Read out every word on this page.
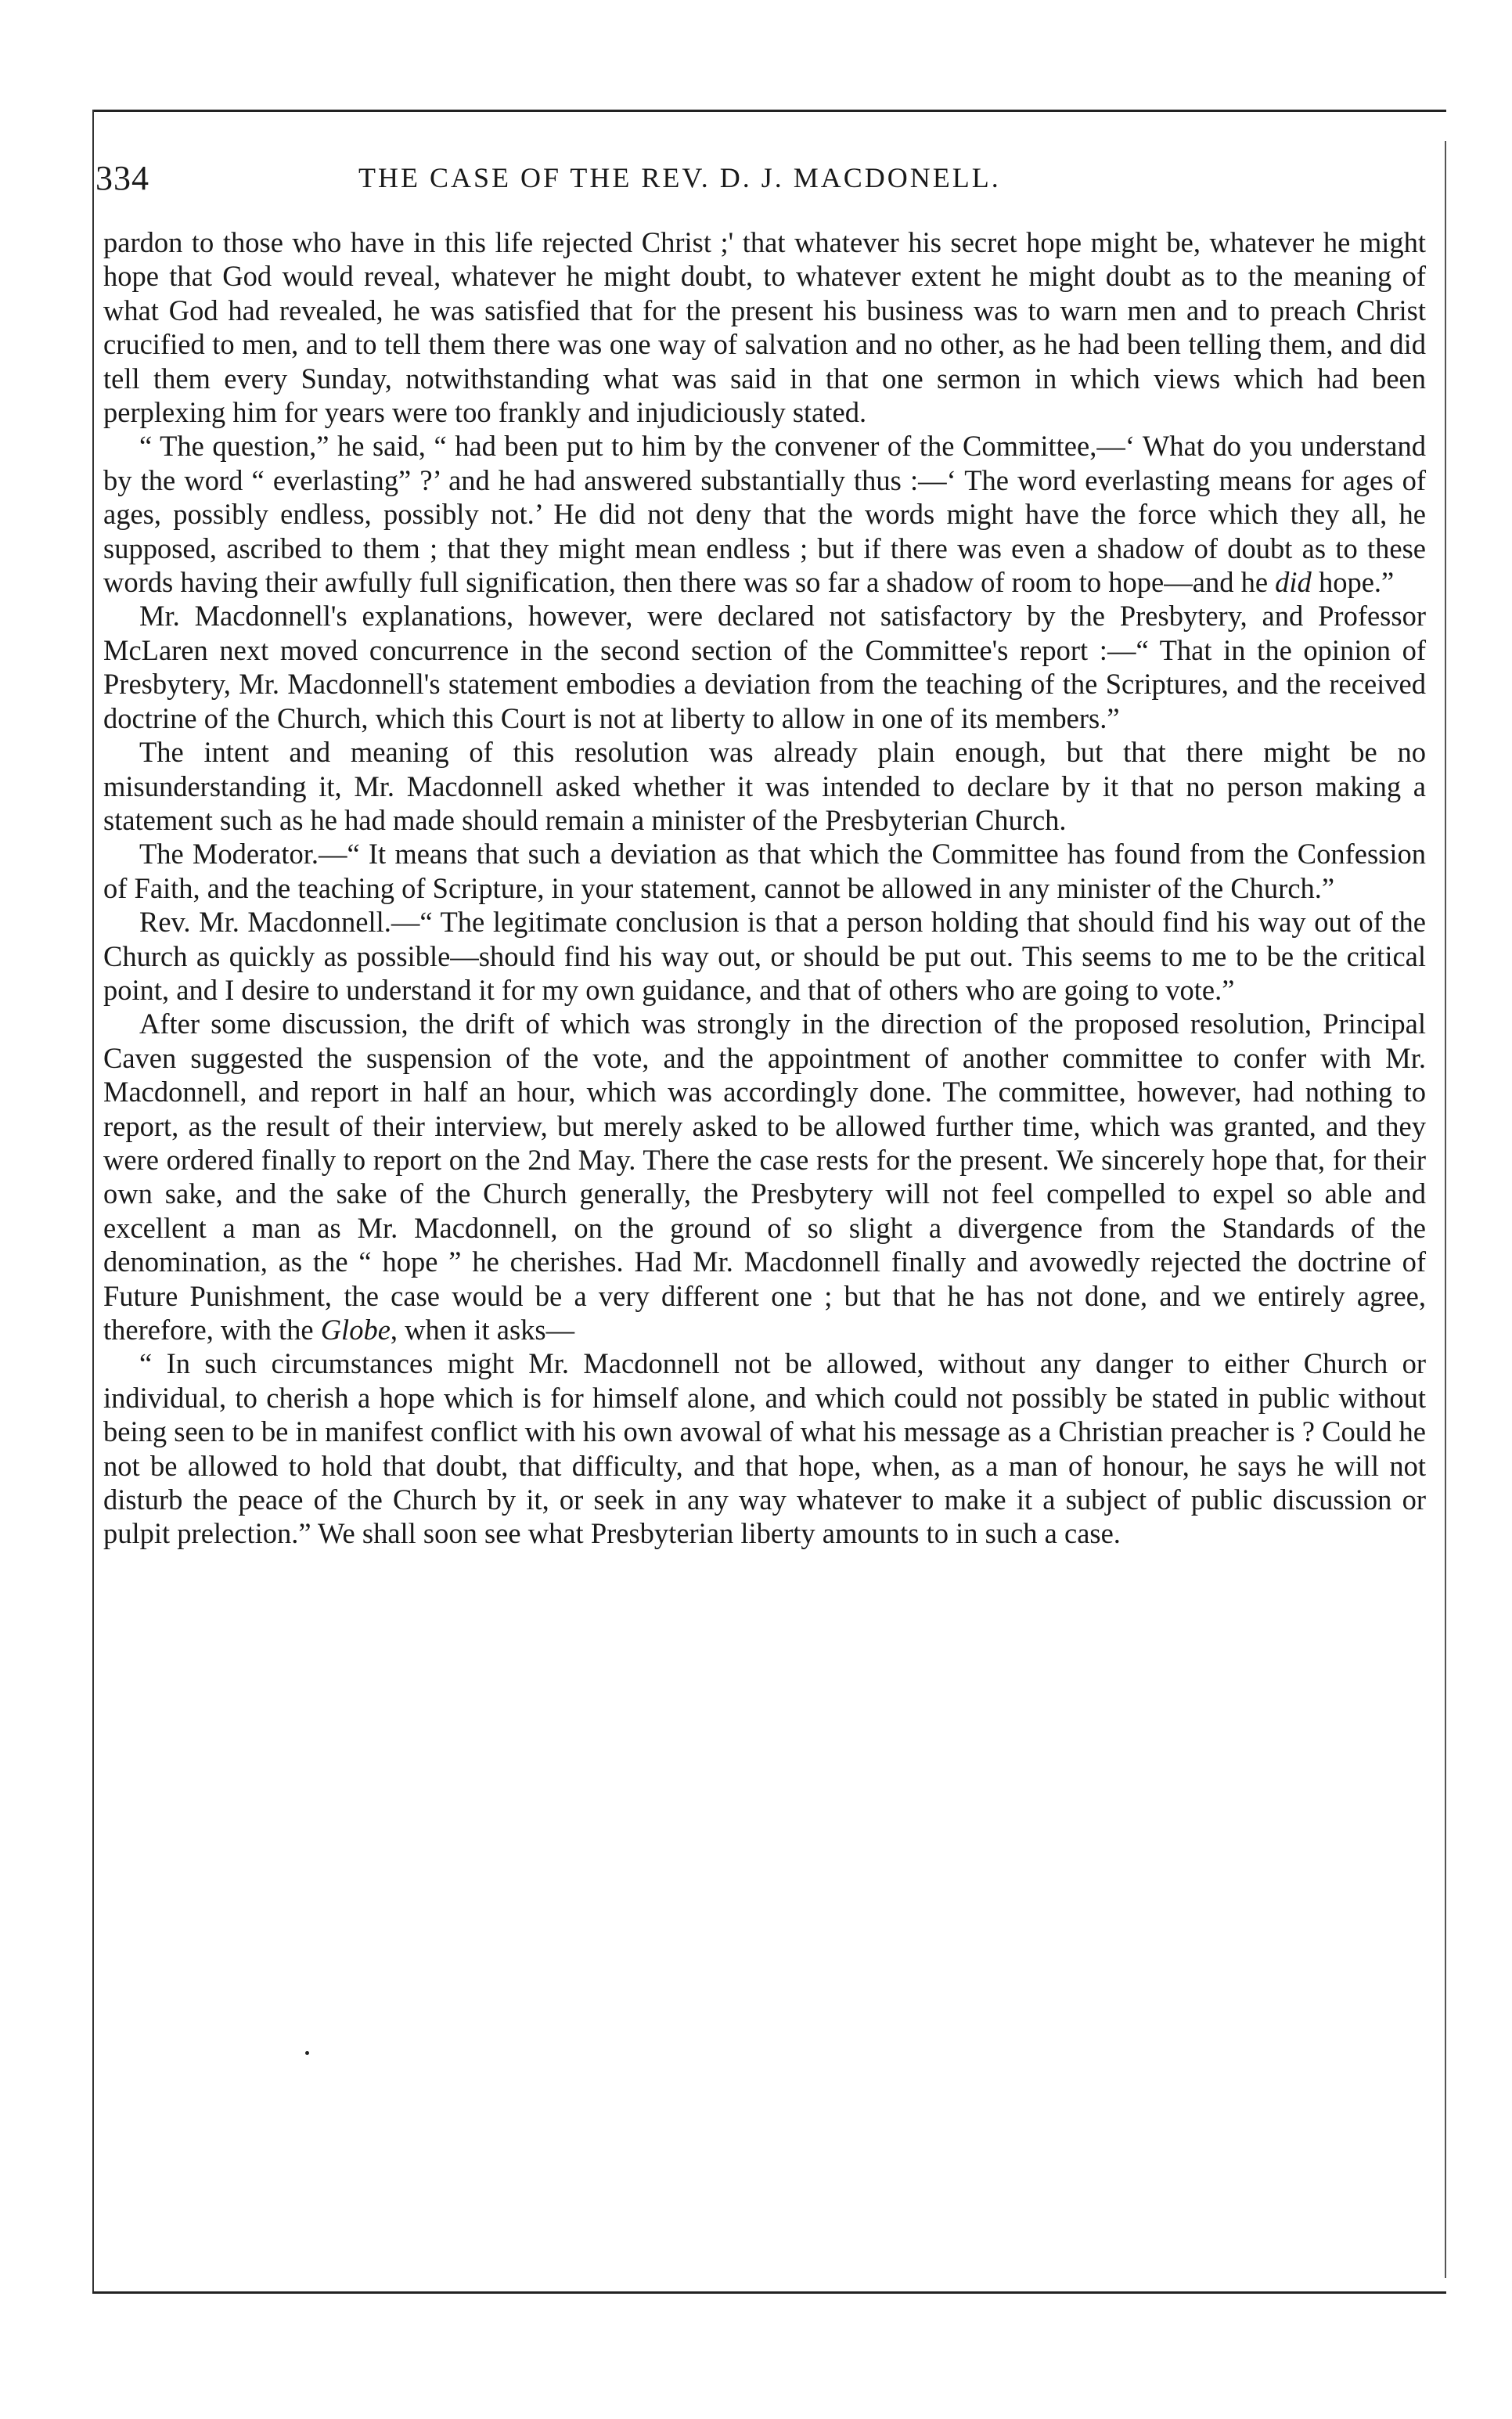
334	THE CASE OF THE REV. D. J. MACDONELL.

pardon to those who have in this life rejected Christ ;' that whatever his secret hope might be, whatever he might hope that God would reveal, whatever he might doubt, to whatever extent he might doubt as to the meaning of what God had revealed, he was satisfied that for the present his business was to warn men and to preach Christ crucified to men, and to tell them there was one way of salvation and no other, as he had been telling them, and did tell them every Sunday, notwithstanding what was said in that one sermon in which views which had been perplexing him for years were too frankly and injudiciously stated.

“ The question,” he said, “ had been put to him by the convener of the Committee,—‘ What do you understand by the word “ everlasting” ?’ and he had answered substantially thus :—‘ The word everlasting means for ages of ages, possibly endless, possibly not.’ He did not deny that the words might have the force which they all, he supposed, ascribed to them ; that they might mean endless ; but if there was even a shadow of doubt as to these words having their awfully full signification, then there was so far a shadow of room to hope—and he did hope.”

Mr. Macdonnell's explanations, however, were declared not satisfactory by the Presbytery, and Professor McLaren next moved concurrence in the second section of the Committee's report :—“ That in the opinion of Presbytery, Mr. Macdonnell's statement embodies a deviation from the teaching of the Scriptures, and the received doctrine of the Church, which this Court is not at liberty to allow in one of its members.”

The intent and meaning of this resolution was already plain enough, but that there might be no misunderstanding it, Mr. Macdonnell asked whether it was intended to declare by it that no person making a statement such as he had made should remain a minister of the Presbyterian Church.

The Moderator.—“ It means that such a deviation as that which the Committee has found from the Confession of Faith, and the teaching of Scripture, in your statement, cannot be allowed in any minister of the Church.”

Rev. Mr. Macdonnell.—“ The legitimate conclusion is that a person holding that should find his way out of the Church as quickly as possible—should find his way out, or should be put out. This seems to me to be the critical point, and I desire to understand it for my own guidance, and that of others who are going to vote.”

After some discussion, the drift of which was strongly in the direction of the proposed resolution, Principal Caven suggested the suspension of the vote, and the appointment of another committee to confer with Mr. Macdonnell, and report in half an hour, which was accordingly done. The committee, however, had nothing to report, as the result of their interview, but merely asked to be allowed further time, which was granted, and they were ordered finally to report on the 2nd May. There the case rests for the present. We sincerely hope that, for their own sake, and the sake of the Church generally, the Presbytery will not feel compelled to expel so able and excellent a man as Mr. Macdonnell, on the ground of so slight a divergence from the Standards of the denomination, as the “ hope ” he cherishes. Had Mr. Macdonnell finally and avowedly rejected the doctrine of Future Punishment, the case would be a very different one ; but that he has not done, and we entirely agree, therefore, with the Globe, when it asks—

“ In such circumstances might Mr. Macdonnell not be allowed, without any danger to either Church or individual, to cherish a hope which is for himself alone, and which could not possibly be stated in public without being seen to be in manifest conflict with his own avowal of what his message as a Christian preacher is ? Could he not be allowed to hold that doubt, that difficulty, and that hope, when, as a man of honour, he says he will not disturb the peace of the Church by it, or seek in any way whatever to make it a subject of public discussion or pulpit prelection.” We shall soon see what Presbyterian liberty amounts to in such a case.
